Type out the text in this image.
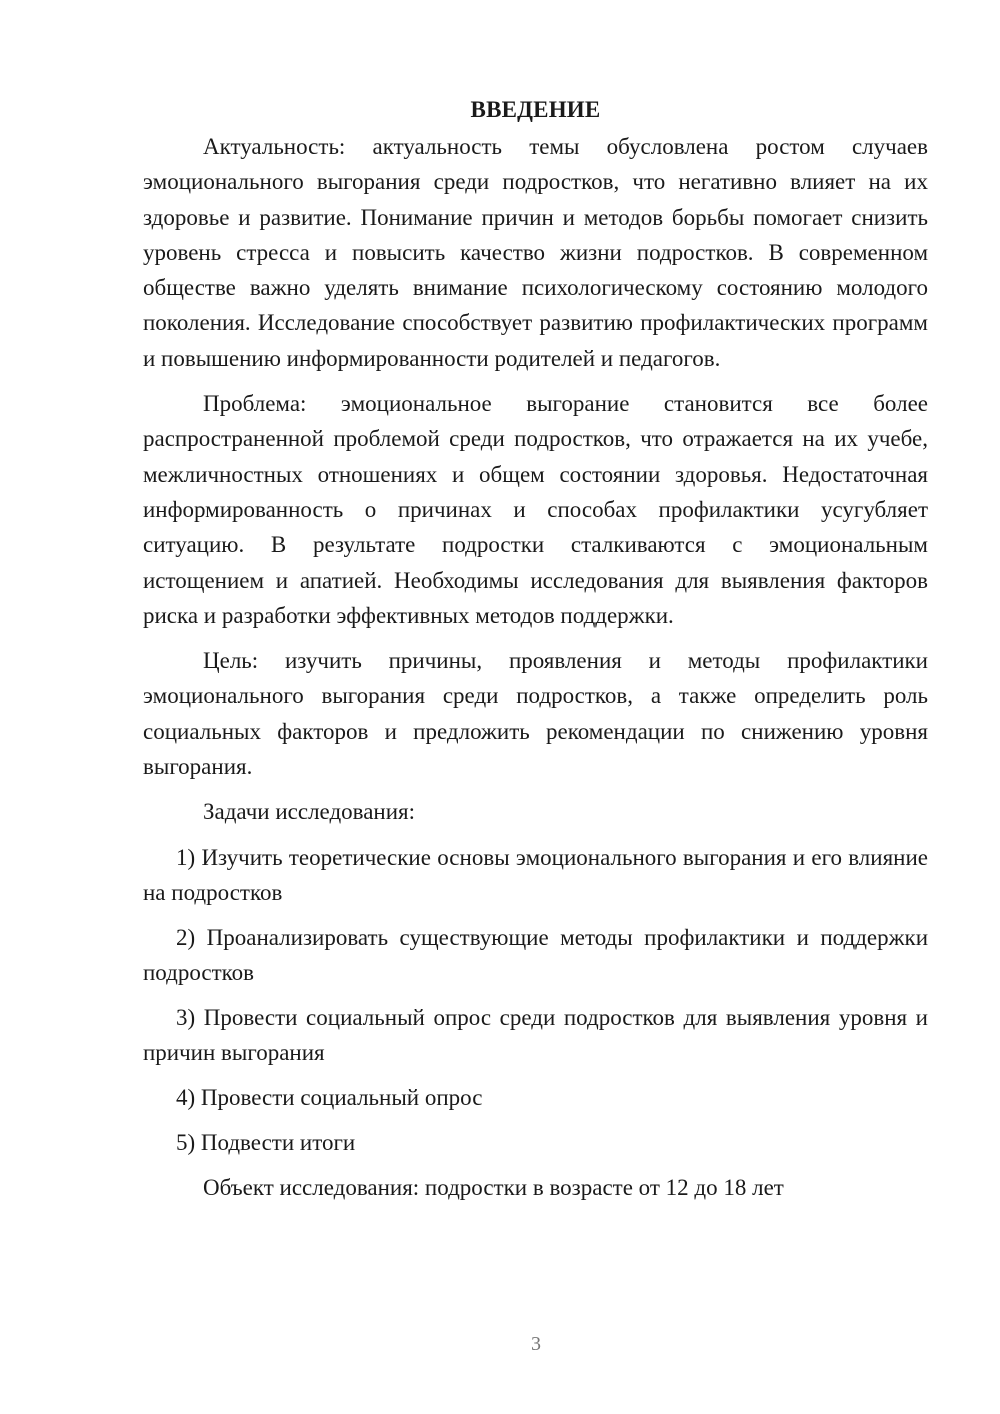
ВВЕДЕНИЕ

Актуальность: актуальность темы обусловлена ростом случаев эмоционального выгорания среди подростков, что негативно влияет на их здоровье и развитие. Понимание причин и методов борьбы помогает снизить уровень стресса и повысить качество жизни подростков. В современном обществе важно уделять внимание психологическому состоянию молодого поколения. Исследование способствует развитию профилактических программ и повышению информированности родителей и педагогов.

Проблема: эмоциональное выгорание становится все более распространенной проблемой среди подростков, что отражается на их учебе, межличностных отношениях и общем состоянии здоровья. Недостаточная информированность о причинах и способах профилактики усугубляет ситуацию. В результате подростки сталкиваются с эмоциональным истощением и апатией. Необходимы исследования для выявления факторов риска и разработки эффективных методов поддержки.

Цель: изучить причины, проявления и методы профилактики эмоционального выгорания среди подростков, а также определить роль социальных факторов и предложить рекомендации по снижению уровня выгорания.

Задачи исследования:

1) Изучить теоретические основы эмоционального выгорания и его влияние на подростков

2) Проанализировать существующие методы профилактики и поддержки подростков

3) Провести социальный опрос среди подростков для выявления уровня и причин выгорания

4) Провести социальный опрос

5) Подвести итоги

Объект исследования: подростки в возрасте от 12 до 18 лет

3
